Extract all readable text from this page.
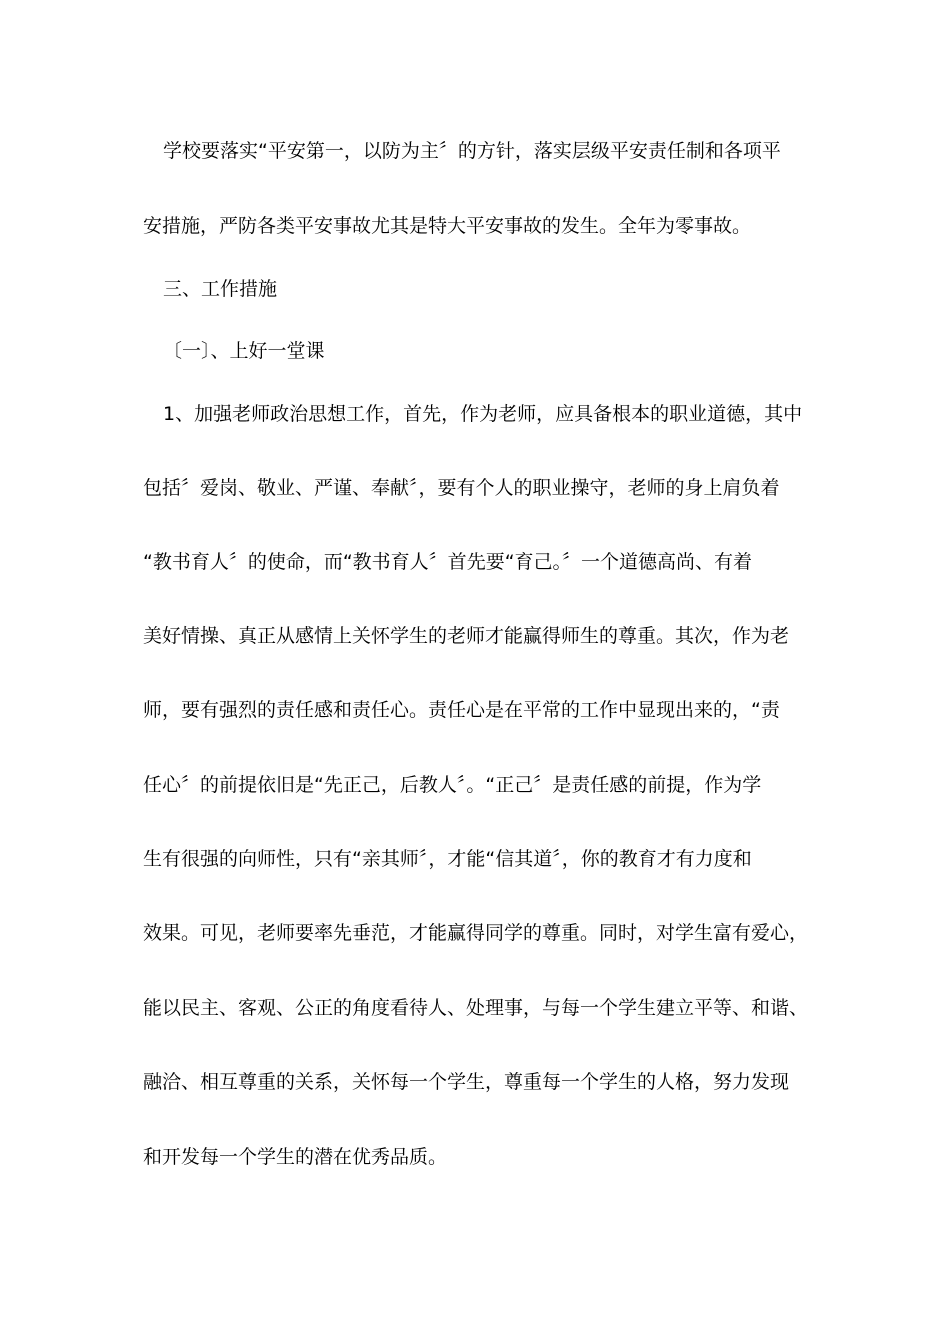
学校要落实“平安第一，以防为主〞的方针，落实层级平安责任制和各项平
安措施，严防各类平安事故尤其是特大平安事故的发生。全年为零事故。
三、工作措施
〔一〕、上好一堂课
1、加强老师政治思想工作，首先，作为老师，应具备根本的职业道德，其中
包括〞爱岗、敬业、严谨、奉献〞，要有个人的职业操守，老师的身上肩负着
“教书育人〞的使命，而“教书育人〞首先要“育己。〞一个道德高尚、有着
美好情操、真正从感情上关怀学生的老师才能赢得师生的尊重。其次，作为老
师，要有强烈的责任感和责任心。责任心是在平常的工作中显现出来的，“责
任心〞的前提依旧是“先正己，后教人〞。“正己〞是责任感的前提，作为学
生有很强的向师性，只有“亲其师〞，才能“信其道〞，你的教育才有力度和
效果。可见，老师要率先垂范，才能赢得同学的尊重。同时，对学生富有爱心，
能以民主、客观、公正的角度看待人、处理事，与每一个学生建立平等、和谐、
融洽、相互尊重的关系，关怀每一个学生，尊重每一个学生的人格，努力发现
和开发每一个学生的潜在优秀品质。
